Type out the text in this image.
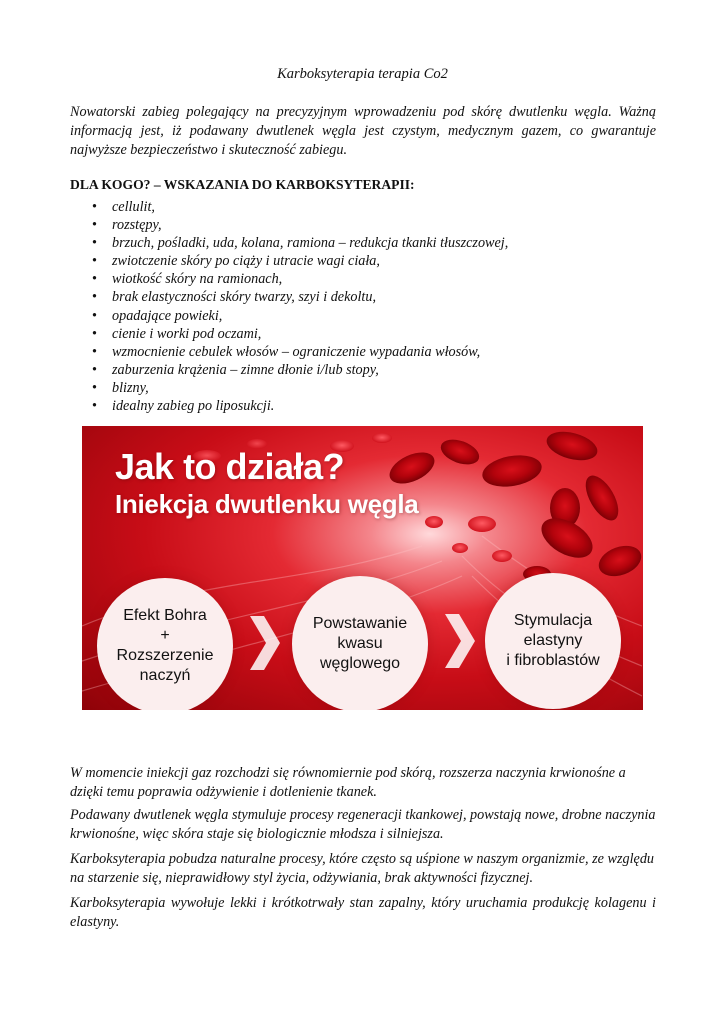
Karboksyterapia terapia Co2

Nowatorski zabieg polegający na precyzyjnym wprowadzeniu pod skórę dwutlenku węgla. Ważną informacją jest, iż podawany dwutlenek węgla jest czystym, medycznym gazem, co gwarantuje najwyższe bezpieczeństwo i skuteczność zabiegu.

DLA KOGO? – WSKAZANIA DO KARBOKSYTERAPII:

• cellulit,
• rozstępy,
• brzuch, pośladki, uda, kolana, ramiona – redukcja tkanki tłuszczowej,
• zwiotczenie skóry po ciąży i utracie wagi ciała,
• wiotkość skóry na ramionach,
• brak elastyczności skóry twarzy, szyi i dekoltu,
• opadające powieki,
• cienie i worki pod oczami,
• wzmocnienie cebulek włosów – ograniczenie wypadania włosów,
• zaburzenia krążenia – zimne dłonie i/lub stopy,
• blizny,
• idealny zabieg po liposukcji.
Jak to działa?
Iniekcja dwutlenku węgla
Efekt Bohra
+
Rozszerzenie
naczyń
Powstawanie
kwasu
węglowego
Stymulacja
elastyny
i fibroblastów

W momencie iniekcji gaz rozchodzi się równomiernie pod skórą, rozszerza naczynia krwionośne a dzięki temu poprawia odżywienie i dotlenienie tkanek.

Podawany dwutlenek węgla stymuluje procesy regeneracji tkankowej, powstają nowe, drobne naczynia krwionośne, więc skóra staje się biologicznie młodsza i silniejsza.

Karboksyterapia pobudza naturalne procesy, które często są uśpione w naszym organizmie, ze względu na starzenie się, nieprawidłowy styl życia, odżywiania, brak aktywności fizycznej.

Karboksyterapia wywołuje lekki i krótkotrwały stan zapalny, który uruchamia produkcję kolagenu i elastyny.
